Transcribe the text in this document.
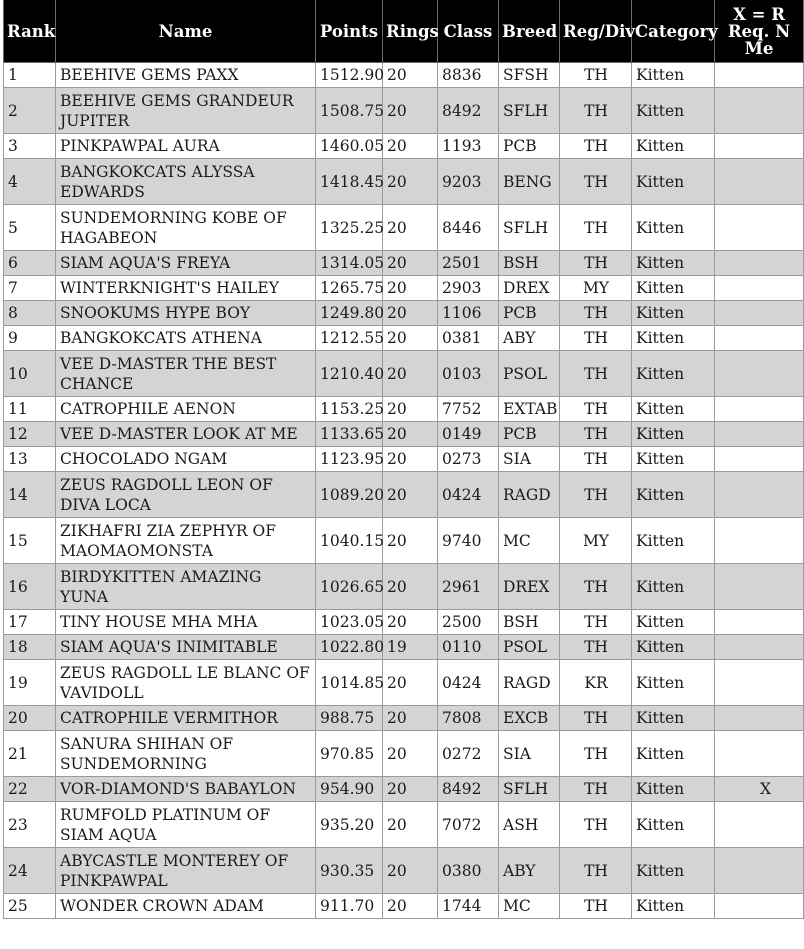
Rank	Name	Points	Rings	Class	Breed	Reg/Div	Category	X = R
Req. N
Me
1	BEEHIVE GEMS PAXX	1512.90	20	8836	SFSH	TH	Kitten	
2	BEEHIVE GEMS GRANDEUR JUPITER	1508.75	20	8492	SFLH	TH	Kitten	
3	PINKPAWPAL AURA	1460.05	20	1193	PCB	TH	Kitten	
4	BANGKOKCATS ALYSSA EDWARDS	1418.45	20	9203	BENG	TH	Kitten	
5	SUNDEMORNING KOBE OF HAGABEON	1325.25	20	8446	SFLH	TH	Kitten	
6	SIAM AQUA'S FREYA	1314.05	20	2501	BSH	TH	Kitten	
7	WINTERKNIGHT'S HAILEY	1265.75	20	2903	DREX	MY	Kitten	
8	SNOOKUMS HYPE BOY	1249.80	20	1106	PCB	TH	Kitten	
9	BANGKOKCATS ATHENA	1212.55	20	0381	ABY	TH	Kitten	
10	VEE D-MASTER THE BEST CHANCE	1210.40	20	0103	PSOL	TH	Kitten	
11	CATROPHILE AENON	1153.25	20	7752	EXTAB	TH	Kitten	
12	VEE D-MASTER LOOK AT ME	1133.65	20	0149	PCB	TH	Kitten	
13	CHOCOLADO NGAM	1123.95	20	0273	SIA	TH	Kitten	
14	ZEUS RAGDOLL LEON OF DIVA LOCA	1089.20	20	0424	RAGD	TH	Kitten	
15	ZIKHAFRI ZIA ZEPHYR OF MAOMAOMONSTA	1040.15	20	9740	MC	MY	Kitten	
16	BIRDYKITTEN AMAZING YUNA	1026.65	20	2961	DREX	TH	Kitten	
17	TINY HOUSE MHA MHA	1023.05	20	2500	BSH	TH	Kitten	
18	SIAM AQUA'S INIMITABLE	1022.80	19	0110	PSOL	TH	Kitten	
19	ZEUS RAGDOLL LE BLANC OF VAVIDOLL	1014.85	20	0424	RAGD	KR	Kitten	
20	CATROPHILE VERMITHOR	988.75	20	7808	EXCB	TH	Kitten	
21	SANURA SHIHAN OF SUNDEMORNING	970.85	20	0272	SIA	TH	Kitten	
22	VOR-DIAMOND'S BABAYLON	954.90	20	8492	SFLH	TH	Kitten	X
23	RUMFOLD PLATINUM OF SIAM AQUA	935.20	20	7072	ASH	TH	Kitten	
24	ABYCASTLE MONTEREY OF PINKPAWPAL	930.35	20	0380	ABY	TH	Kitten	
25	WONDER CROWN ADAM	911.70	20	1744	MC	TH	Kitten	
